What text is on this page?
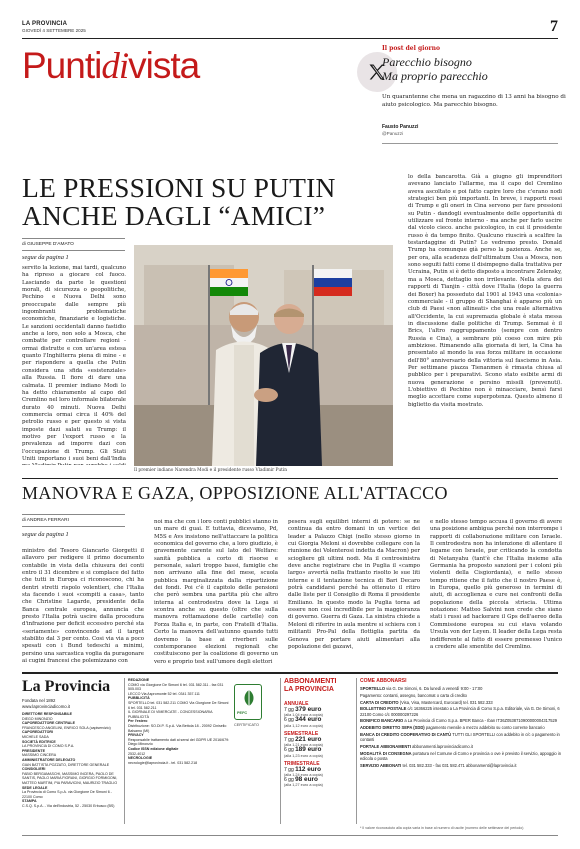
LA PROVINCIA
GIOVEDÌ 4 SETTEMBRE 2025	7
Puntidivista	Il post del giorno
Parecchio bisogno
Ma proprio parecchio
Un quarantenne che mena un ragazzino di 13 anni ha bisogno di aiuto psicologico. Ma parecchio bisogno.
Fausto Panuzzi
@Panuzzi
LE PRESSIONI SU PUTIN
ANCHE DAGLI “AMICI”
di GIUSEPPE D'AMATO
segue da pagina 1
servito la lezione, mai tardi, qualcuno ha ripreso a giocare col fuoco. Lasciando da parte le questioni morali, di sicurezza o geopolitiche, Pechino e Nuova Delhi sono preoccupate dalle sempre più ingombranti problematiche economiche, finanziarie e logistiche. Le sanzioni occidentali danno fastidio anche a loro, non solo a Mosca, che combatte per controllare regioni - ormai distrutte e con un'area estesa quanto l'Inghilterra piena di mine - e per rispondere a quella che Putin considera una sfida «esistenziale» alla Russia. Il fiore di dare una calmata. Il premier indiano Modi lo ha detto chiaramente al capo del Cremlino nel loro informale bilaterale durato 40 minuti. Nuova Delhi commercia ormai circa il 40% del petrolio russo e per questo si vista imposte dazi salati su Trump: il motivo per l'export russo e la prevalenza ad imporre dazi con l'occupazione di Trump. Gli Stati Uniti importano i suoi beni dall'India
Il premier indiano Narendra Modi e il presidente russo Vladimir Putin
lo della bancarotta. Già a giugno gli imprenditori avevano lanciato l'allarme, ma il capo del Cremlino aveva ascoltato e poi fatto capire loro che c'erano nodi strategici ben più importanti. In breve, i rapporti rossi di Trump e gli oneri in Cina servono per fare pressioni su Putin - dandogli eventualmente delle opportunità di utilizzare sul fronte interno - ma anche per farlo uscire dal vicolo cieco. anche psicologico, in cui il presidente russo è da tempo finito. Qualcuno riuscirà a scalfire la testardaggine di Putin? Lo vedremo presto. Donald Trump ha comunque già perso la pazienza. Anche se, per ora, alla scadenza dell'ultimatum Usa a Mosca, non sono seguiti fatti come il disimpegno dalla trattativa per Ucraina, Putin si è detto disposto a incontrare Zelensky, ma a Mosca, dettaglio non irrilevante. Nella sfera dei rapporti di Tianjin - città dove l'Italia (dopo la guerra dei Boxer) ha posseduto dal 1901 al 1943 una «colonia» commerciale - il gruppo di Shanghai è apparso più un club di Paesi «non allineati» che una reale alternativa all'Occidente, la cui supremazia globale è stata messa in discussione dalle politiche di Trump. Semmai è il Brics, l'altro raggruppamento (sempre con dentro Russia e Cina), a sembrare più coeso con mire più ambiziose. Rimanendo alla giornata di ieri, la Cina ha presentato al mondo la sua forza militare in occasione dell'80° anniversario della vittoria sul fascismo in Asia. Per settimane piazza Tienanmen è rimasta chiusa al pubblico per i preparativi. Scono stato esibite armi di nuova generazione e persino missili (prevenuti). L'obiettivo di Pechino non è minacciare, bensì farsi meglio accettare come superpotenza. Questo almeno il biglietto da visita mostrato.
MANOVRA E GAZA, OPPOSIZIONE ALL'ATTACCO
di ANDREA FERRARI
segue da pagina 1
ministro del Tesoro Giancarlo Giorgetti il allavoro per redigere il primo documento contabile in vista della chiusura dei conti entro il 31 dicembre e si complace del fatto che tutti in Europa ci riconoscono, chi ha dentri stretti rispolo volentieri, che l'Italia sta facendo i suoi «compiti a casa», tanto che Christine Lagarde, presidente della Banca centrale europea, annuncia che presto l'Italia potrà uscire dalla procedura d'infrazione per deficit eccessivo perché sta «seriamente» convincendo ad il target stabilito dal 3 per cento. Cosi via via a poco spesati con i Bund tedeschi a minimi, persino una sarcastica voglia da puragonare ai cugini francesi che polemizzano con
noi ma che con i loro conti pubblici stanno in un mare di guai. E tuttavia, dicevamo, Pd, M5S e Avs insistono nell'attaccare la politica economica del governo che, a loro giudizio, è gravemente carente sul lato del Welfare: sanità pubblica a corto di risorse e personale, salari troppo bassi, famiglie che non arrivano alla fine del mese, scuola pubblica marginalizzata dalla ripartizione dei fondi. Poi c'è il capitolo delle pensioni che però sembra una partita più che altro interna al centrodestra dove la Lega si scontra anche su questo (oltre che sulla manovra rottamazione delle cartelle) con Forza Italia e, in parte, con Fratelli d'Italia. Certo la manovra dell'autunno quando tutti dovremo la base ai riverberi sulle contemporanee elezioni regionali che costituiscono per la coalizione di governo un vero e proprio test sull'umore degli elettori
pesera sugli equilibri interni di potere: se ne continua da entro domani in un vertice dei leader a Palazzo Chigi (nello stesso giorno in cui Giorgia Meloni si dovrebbe collegare con la riunione dei Volenterosi indetta da Macron) per sciogliere gli ultimi nodi. Ma il centrosinistra deve anche registrare che in Puglia il «campo largo» avvertà nella frattanto risolto le sue liti interne e il tentazione tecnica di Bari Decaro potrà candidarsi perché ha ottenuto il ritiro dalle liste per il Consiglio di Roma il presidente Emiliano. In questo modo la Puglia torna ad essere non così incredibile per la maggioranza di governo. Guerra di Gaza. La sinistra chiede a Meloni di riferire in aula mentre si schiera con i militanti Pro-Pal della flottiglia partita da Genova per portare aiuti alimentari alla popolazione dei gazawi,
e nello stesso tempo accusa il governo di avere una posizione ambigua perché non interrompe i rapporti di collaborazione militare con Israele. Il centrodestra non ha intenzione di allentare il legame con Israele, pur criticando la condotta di Netanyahu (tant'è che l'Italia insieme alla Germania ha proposto sanzioni per i coloni più violenti della Cisgiordania), e nello stesso tempo ritiene che il fatto che il nostro Paese è, in Europa, quello più generoso in termini di aiuti, di accoglienza e cure nei confronti della popolazione della piccola striscia. Ultima notazione: Matteo Salvini non crede che siano stati i russi ad hackerare il Gps dell'aereo della Commissione europea su cui stava volando Ursula von der Leyen. Il leader della Lega resta indifferente al fatto di essere premesso l'unico a credere alle smentite del Cremlino.
La Provincia
Fondata nel 1892
www.laprovinciadicomo.it
DIRETTORE RESPONSABILE
DIEGO MINONZIO
CAPOREDATTORE CENTRALE
FRANCESCO ANGELINI, ENRICO SOLA (capiservizio)
CAPOREDATTORI
MICHELE SADA
SOCIETÀ EDITRICE
LA PROVINCIA DI COMO S.P.A.
PRESIDENTE
MASSIMO CINCERA
AMMINISTRATORE DELEGATO
GIAN BATTISTA POZZATO, DIRETTORE GENERALE
CONSIGLIERI
FABIO BERGAMASCHI, MASSIMO INCERA, PAOLO DE SANTIS, PAOLO MARIA FIORANI, GIORGIO FORMIGONI, MATTEO MARTINI, PIA PARAVICINI, MAURIZIO TRAGLIO
SEDE LEGALE
La Provincia di Como S.p.A. via Giorgione De Simoni 6 - 22100 Como
STAMPA
C.S.Q. S.p.A. - Via dell'Industria, 52 - 25030 Erbusco (BS)
REDAZIONE
COMO via Giorgione De Simoni 6 tel. 031 582.311 - fax 031 505.003
LECCO Via Aspromonte 52 tel. 0341 357.111
PUBBLICITÀ
SPORTELLO tel. 031 582.211 COMO Via Giorgione De Simoni 6 tel. 031 582.211
IL GIORNALE DI VIMERCATE - CONCESSIONARIA PUBBLICITÀ
Per l'estero
Distribuzione: SO.DI.P. S.p.A. Via Bettola 18 - 20092 Cinisello Balsamo (MI)
PRIVACY
Responsabile trattamento dati ai sensi del GDPR UE 2016/679: Diego Minonzio
Codice ISSN edizione digitale
2532-4012
NECROLOGIE
necrologie@laprovincia.it - tel. 031 582.218
PEFC
CERTIFICATO
ABBONAMENTI
LA PROVINCIA
ANNUALE
7 gg 379 euro
(alla 1,04 euro a copia)
6 gg 344 euro
(alla 1,12 euro a copia)
SEMESTRALE
7 gg 221 euro
(alla 1,21 euro a copia)
6 gg 189 euro
(alla 1,23 euro a copia)
TRIMESTRALE
7 gg 112 euro
(alla 1,24 euro a copia)
6 gg 98 euro
(alla 1,27 euro a copia)
COME ABBONARSI
SPORTELLO via G. De Simoni, 6. Da lunedì a venerdì 9:00 - 17:00
Pagamento: contanti, assegno, bancomat o carta di credito
CARTA DI CREDITO (Visa, Visa, Mastercard, Eurocard) tel. 031 582.333
BOLLETTINO POSTALE c/c 16366225 intestato a La Provincia di Como S.p.a. Editoriale, via G. De Simoni, 6 22100 Como c/c 000000297226
BONIFICO BANCARIO a La Provincia di Como S.p.a. BPER Banca - Iban IT36Z0538710900000004317529
ADDEBITO DIRETTO SEPA (SDD) pagamento mensile a mezzo addebito su conto corrente bancario
BANCA DI CREDITO COOPERATIVO DI CANTÙ TUTTI GLI SPORTELLI con addebito in c/c o pagamento in contanti
PORTALE ABBONAMENTI abbonamenti.laprovinciadicomo.it
MODALITÀ DI CONSEGNA portatura nel Comune di Como e provincia o ove è previsto il servizio, appoggio in edicola o posta
SERVIZIO ABBONATI tel. 031 582.333 - fax 031 582.471 abbonamenti@laprovincia.it
* Il valore riconosciuto alla copia varia in base al numero di uscite (numero delle settimane del periodo)
